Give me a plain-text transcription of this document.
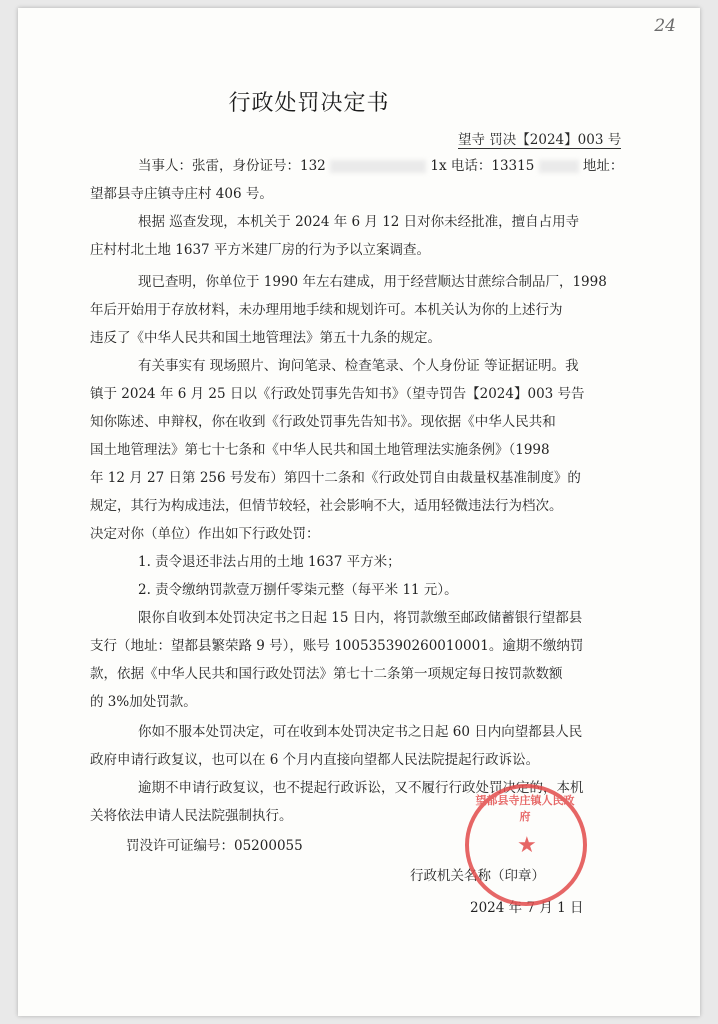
24
行政处罚决定书
望寺 罚决【2024】003 号
当事人：张雷，身份证号：132	1x 电话：13315	地址：
望都县寺庄镇寺庄村 406 号。
根据 巡查发现，本机关于 2024 年 6 月 12 日对你未经批准，擅自占用寺
庄村村北土地 1637 平方米建厂房的行为予以立案调查。
现已查明，你单位于 1990 年左右建成，用于经营顺达甘蔗综合制品厂，1998
年后开始用于存放材料，未办理用地手续和规划许可。本机关认为你的上述行为
违反了《中华人民共和国土地管理法》第五十九条的规定。
有关事实有 现场照片、询问笔录、检查笔录、个人身份证 等证据证明。我
镇于 2024 年 6 月 25 日以《行政处罚事先告知书》（望寺罚告【2024】003 号告
知你陈述、申辩权，你在收到《行政处罚事先告知书》。现依据《中华人民共和
国土地管理法》第七十七条和《中华人民共和国土地管理法实施条例》（1998
年 12 月 27 日第 256 号发布）第四十二条和《行政处罚自由裁量权基准制度》的
规定，其行为构成违法，但情节较轻，社会影响不大，适用轻微违法行为档次。
决定对你（单位）作出如下行政处罚：
1. 责令退还非法占用的土地 1637 平方米；
2. 责令缴纳罚款壹万捌仟零柒元整（每平米 11 元）。
限你自收到本处罚决定书之日起 15 日内，将罚款缴至邮政储蓄银行望都县
支行（地址：望都县繁荣路 9 号），账号 100535390260010001。逾期不缴纳罚
款，依据《中华人民共和国行政处罚法》第七十二条第一项规定每日按罚款数额
的 3%加处罚款。
你如不服本处罚决定，可在收到本处罚决定书之日起 60 日内向望都县人民
政府申请行政复议，也可以在 6 个月内直接向望都人民法院提起行政诉讼。
逾期不申请行政复议，也不提起行政诉讼，又不履行行政处罚决定的，本机
关将依法申请人民法院强制执行。
罚没许可证编号：05200055
行政机关名称（印章）
2024 年 7 月 1 日
望都县寺庄镇人民政府
★
